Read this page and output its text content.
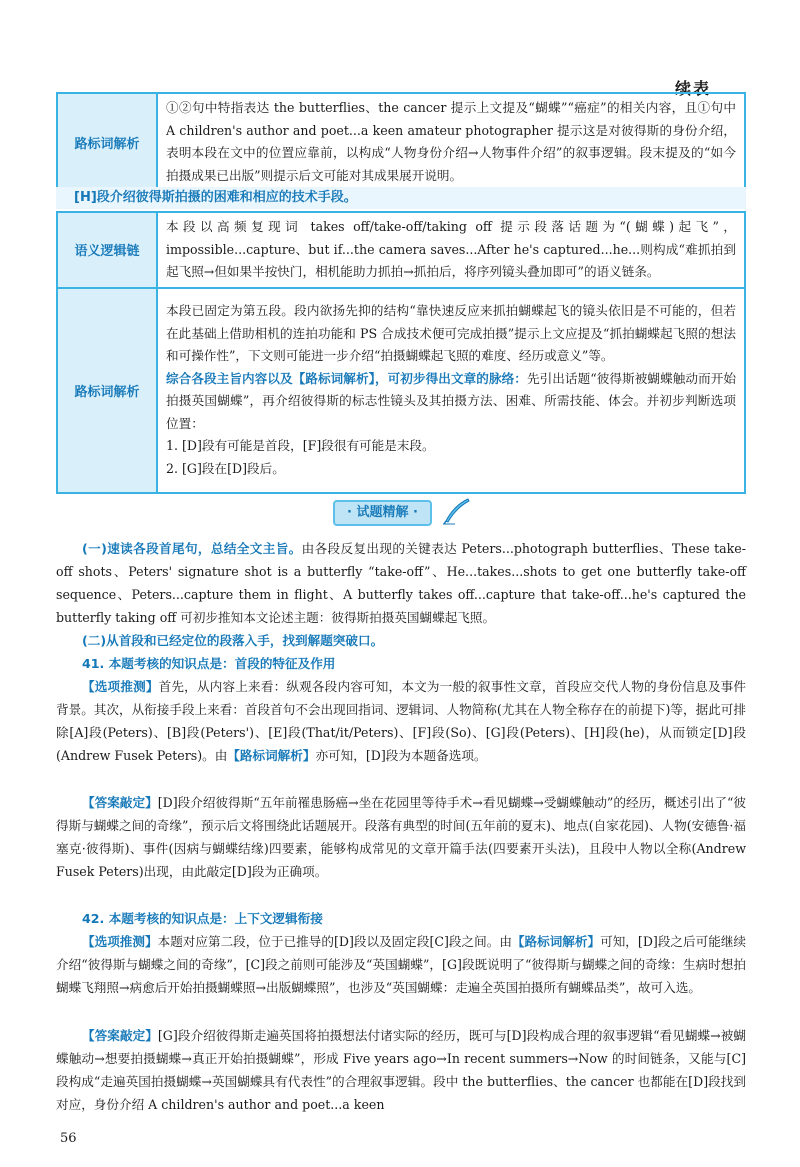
续表
路标词解析	①②句中特指表达 the butterflies、the cancer 提示上文提及“蝴蝶”“癌症”的相关内容，且①句中 A children's author and poet...a keen amateur photographer 提示这是对彼得斯的身份介绍，表明本段在文中的位置应靠前，以构成“人物身份介绍→人物事件介绍”的叙事逻辑。段末提及的“如今拍摄成果已出版”则提示后文可能对其成果展开说明。
[H]段介绍彼得斯拍摄的困难和相应的技术手段。
语义逻辑链	本段以高频复现词 takes off/take-off/taking off 提示段落话题为“(蝴蝶)起飞”，impossible...capture、but if...the camera saves...After he's captured...he...则构成“难抓拍到起飞照→但如果半按快门，相机能助力抓拍→抓拍后，将序列镜头叠加即可”的语义链条。
路标词解析	本段已固定为第五段。段内欲扬先抑的结构“靠快速反应来抓拍蝴蝶起飞的镜头依旧是不可能的，但若在此基础上借助相机的连拍功能和 PS 合成技术便可完成拍摄”提示上文应提及“抓拍蝴蝶起飞照的想法和可操作性”，下文则可能进一步介绍“拍摄蝴蝶起飞照的难度、经历或意义”等。
综合各段主旨内容以及【路标词解析】，可初步得出文章的脉络：先引出话题“彼得斯被蝴蝶触动而开始拍摄英国蝴蝶”，再介绍彼得斯的标志性镜头及其拍摄方法、困难、所需技能、体会。并初步判断选项位置：
1. [D]段有可能是首段，[F]段很有可能是末段。
2. [G]段在[D]段后。
· 试题精解 ·

(一)速读各段首尾句，总结全文主旨。由各段反复出现的关键表达 Peters...photograph butterflies、These take-off shots、Peters' signature shot is a butterfly “take-off”、He...takes...shots to get one butterfly take-off sequence、Peters...capture them in flight、A butterfly takes off...capture that take-off...he's captured the butterfly taking off 可初步推知本文论述主题：彼得斯拍摄英国蝴蝶起飞照。

(二)从首段和已经定位的段落入手，找到解题突破口。

41. 本题考核的知识点是：首段的特征及作用

【选项推测】首先，从内容上来看：纵观各段内容可知，本文为一般的叙事性文章，首段应交代人物的身份信息及事件背景。其次，从衔接手段上来看：首段首句不会出现回指词、逻辑词、人物简称(尤其在人物全称存在的前提下)等，据此可排除[A]段(Peters)、[B]段(Peters')、[E]段(That/it/Peters)、[F]段(So)、[G]段(Peters)、[H]段(he)，从而锁定[D]段(Andrew Fusek Peters)。由【路标词解析】亦可知，[D]段为本题备选项。

【答案敲定】[D]段介绍彼得斯“五年前罹患肠癌→坐在花园里等待手术→看见蝴蝶→受蝴蝶触动”的经历，概述引出了“彼得斯与蝴蝶之间的奇缘”，预示后文将围绕此话题展开。段落有典型的时间(五年前的夏末)、地点(自家花园)、人物(安德鲁·福塞克·彼得斯)、事件(因病与蝴蝶结缘)四要素，能够构成常见的文章开篇手法(四要素开头法)，且段中人物以全称(Andrew Fusek Peters)出现，由此敲定[D]段为正确项。

42. 本题考核的知识点是：上下文逻辑衔接

【选项推测】本题对应第二段，位于已推导的[D]段以及固定段[C]段之间。由【路标词解析】可知，[D]段之后可能继续介绍“彼得斯与蝴蝶之间的奇缘”，[C]段之前则可能涉及“英国蝴蝶”，[G]段既说明了“彼得斯与蝴蝶之间的奇缘：生病时想拍蝴蝶飞翔照→病愈后开始拍摄蝴蝶照→出版蝴蝶照”，也涉及“英国蝴蝶：走遍全英国拍摄所有蝴蝶品类”，故可入选。

【答案敲定】[G]段介绍彼得斯走遍英国将拍摄想法付诸实际的经历，既可与[D]段构成合理的叙事逻辑“看见蝴蝶→被蝴蝶触动→想要拍摄蝴蝶→真正开始拍摄蝴蝶”，形成 Five years ago→In recent summers→Now 的时间链条，又能与[C]段构成“走遍英国拍摄蝴蝶→英国蝴蝶具有代表性”的合理叙事逻辑。段中 the butterflies、the cancer 也都能在[D]段找到对应，身份介绍 A children's author and poet...a keen

56
